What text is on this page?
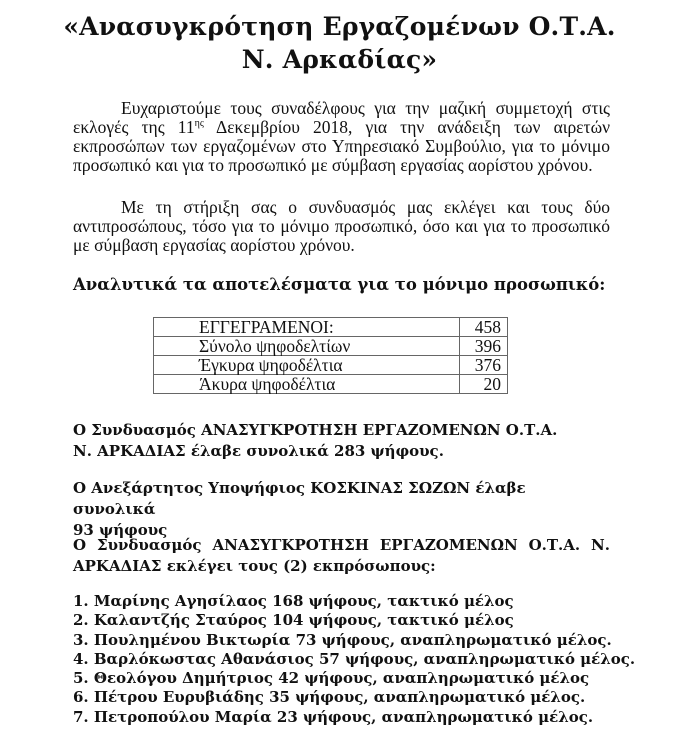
«Ανασυγκρότηση Εργαζομένων Ο.Τ.Α.
Ν. Αρκαδίας»
Ευχαριστούμε τους συναδέλφους για την μαζική συμμετοχή στις εκλογές της $11^{\eta\varsigma}$ Δεκεμβρίου 2018, για την ανάδειξη των αιρετών εκπροσώπων των εργαζομένων στο Υπηρεσιακό Συμβούλιο, για το μόνιμο προσωπικό και για το προσωπικό με σύμβαση εργασίας αορίστου χρόνου.
Με τη στήριξη σας ο συνδυασμός μας εκλέγει και τους δύο αντιπροσώπους, τόσο για το μόνιμο προσωπικό, όσο και για το προσωπικό με σύμβαση εργασίας αορίστου χρόνου.
Αναλυτικά τα αποτελέσματα για το μόνιμο προσωπικό:
ΕΓΓΕΓΡΑΜΕΝΟΙ:	458
Σύνολο ψηφοδελτίων	396
Έγκυρα ψηφοδέλτια	376
Άκυρα ψηφοδέλτια	20
Ο Συνδυασμός ΑΝΑΣΥΓΚΡΟΤΗΣΗ ΕΡΓΑΖΟΜΕΝΩΝ Ο.Τ.Α.
Ν. ΑΡΚΑΔΙΑΣ έλαβε συνολικά 283 ψήφους.
Ο Ανεξάρτητος Υποψήφιος ΚΟΣΚΙΝΑΣ ΣΩΖΩΝ έλαβε συνολικά
93 ψήφους
Ο Συνδυασμός ΑΝΑΣΥΓΚΡΟΤΗΣΗ ΕΡΓΑΖΟΜΕΝΩΝ Ο.Τ.Α. Ν. ΑΡΚΑΔΙΑΣ εκλέγει τους (2) εκπρόσωπους:
1. Μαρίνης Αγησίλαος 168 ψήφους, τακτικό μέλος
2. Καλαντζής Σταύρος 104 ψήφους, τακτικό μέλος
3. Πουλημένου Βικτωρία 73 ψήφους, αναπληρωματικό μέλος.
4. Βαρλόκωστας Αθανάσιος 57 ψήφους, αναπληρωματικό μέλος.
5. Θεολόγου Δημήτριος 42 ψήφους, αναπληρωματικό μέλος
6. Πέτρου Ευρυβιάδης 35 ψήφους, αναπληρωματικό μέλος.
7. Πετροπούλου Μαρία 23 ψήφους, αναπληρωματικό μέλος.
